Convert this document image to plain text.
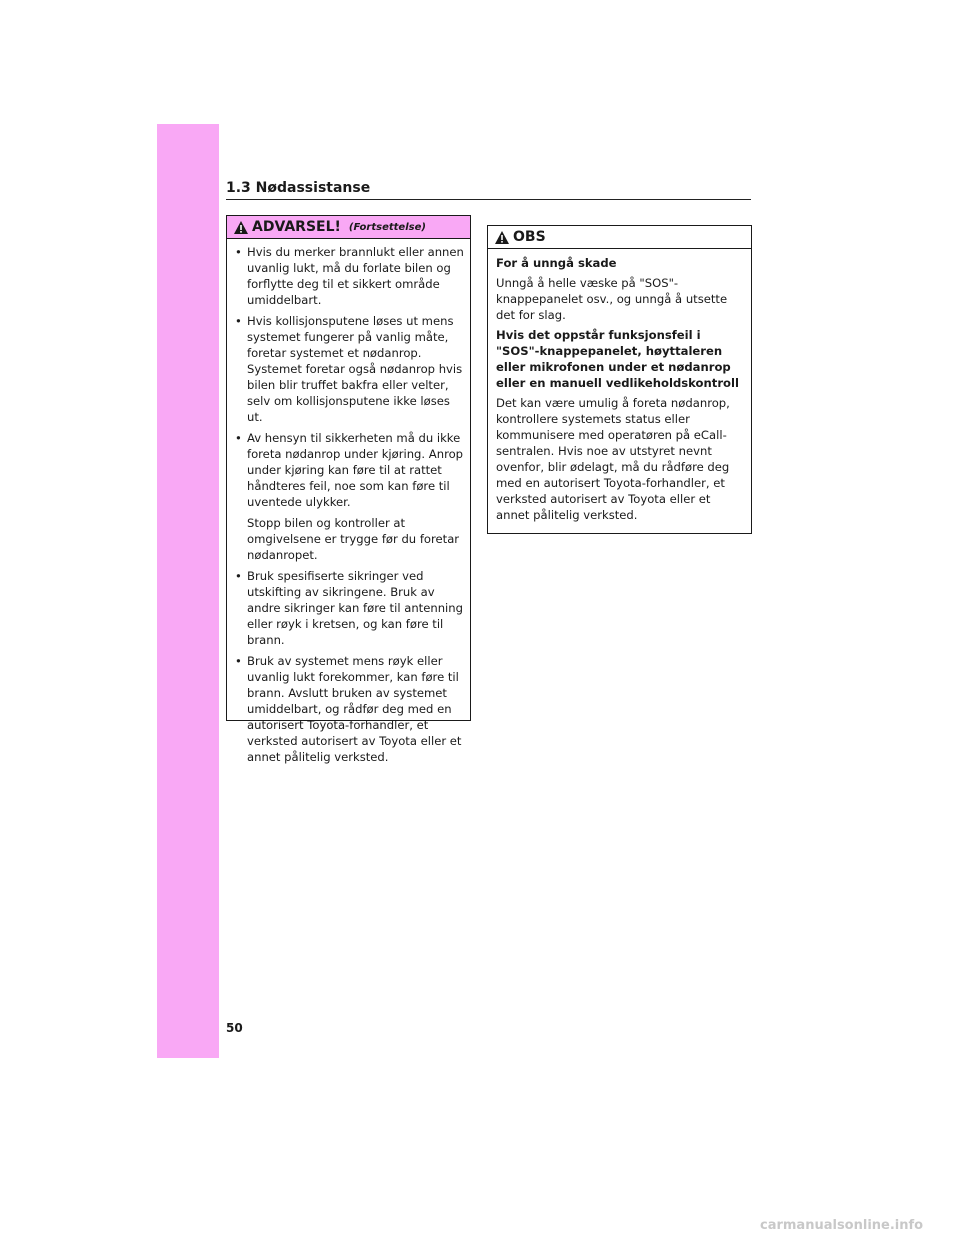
1.3 Nødassistanse
ADVARSEL! (Fortsettelse)
• Hvis du merker brannlukt eller annen uvanlig lukt, må du forlate bilen og forflytte deg til et sikkert område umiddelbart.

• Hvis kollisjonsputene løses ut mens systemet fungerer på vanlig måte, foretar systemet et nødanrop. Systemet foretar også nødanrop hvis bilen blir truffet bakfra eller velter, selv om kollisjonsputene ikke løses ut.

• Av hensyn til sikkerheten må du ikke foreta nødanrop under kjøring. Anrop under kjøring kan føre til at rattet håndteres feil, noe som kan føre til uventede ulykker.

Stopp bilen og kontroller at omgivelsene er trygge før du foretar nødanropet.

• Bruk spesifiserte sikringer ved utskifting av sikringene. Bruk av andre sikringer kan føre til antenning eller røyk i kretsen, og kan føre til brann.

• Bruk av systemet mens røyk eller uvanlig lukt forekommer, kan føre til brann. Avslutt bruken av systemet umiddelbart, og rådfør deg med en autorisert Toyota-forhandler, et verksted autorisert av Toyota eller et annet pålitelig verksted.

OBS

For å unngå skade

Unngå å helle væske på "SOS"-knappepanelet osv., og unngå å utsette det for slag.

Hvis det oppstår funksjonsfeil i "SOS"-knappepanelet, høyttaleren eller mikrofonen under et nødanrop eller en manuell vedlikeholdskontroll

Det kan være umulig å foreta nødanrop, kontrollere systemets status eller kommunisere med operatøren på eCall-sentralen. Hvis noe av utstyret nevnt ovenfor, blir ødelagt, må du rådføre deg med en autorisert Toyota-forhandler, et verksted autorisert av Toyota eller et annet pålitelig verksted.

50
carmanualsonline.info
